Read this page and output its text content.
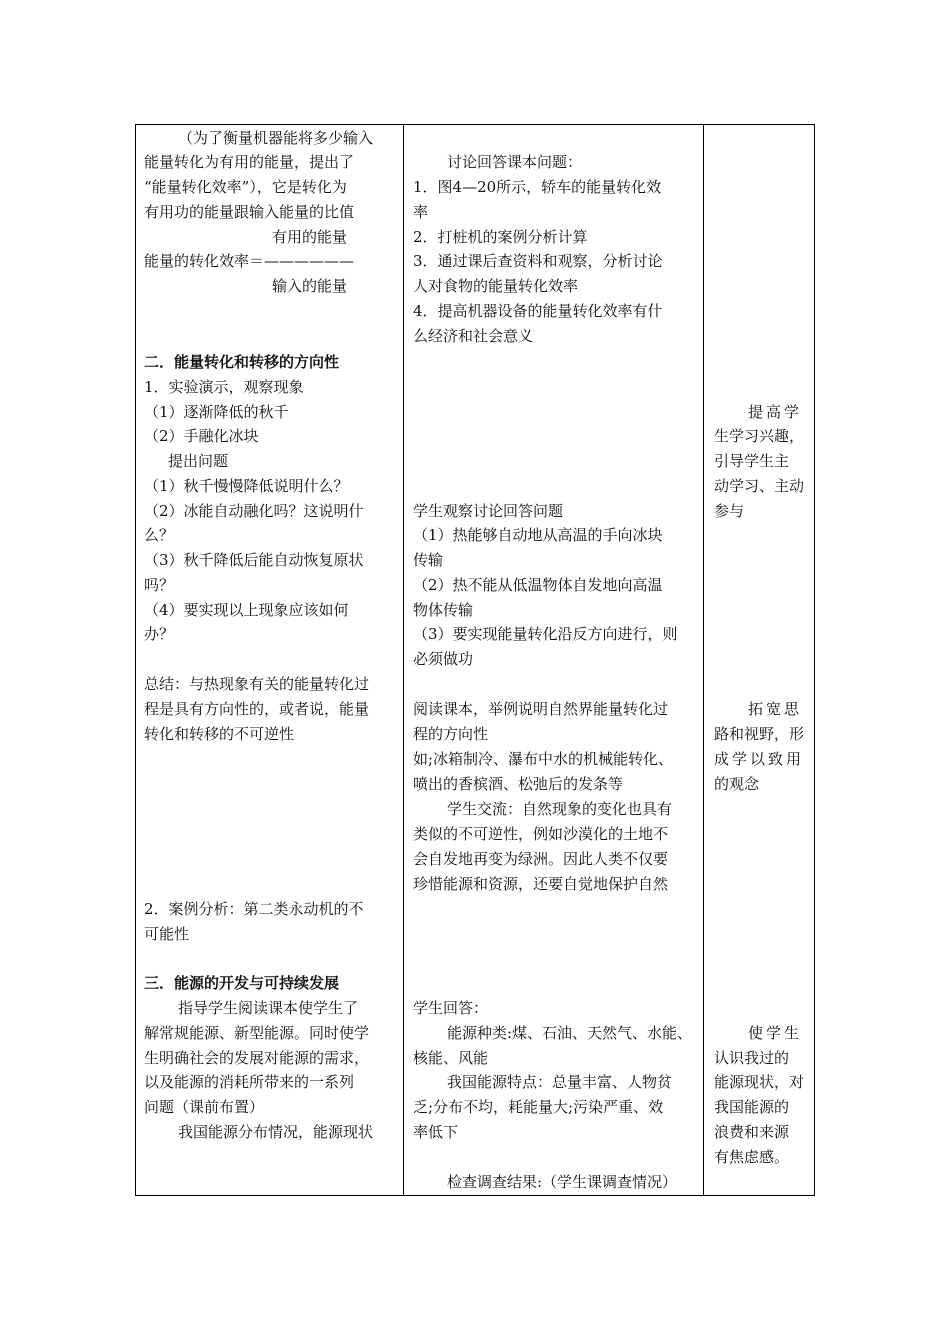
（为了衡量机器能将多少输入
能量转化为有用的能量，提出了
“能量转化效率”），它是转化为
有用功的能量跟输入能量的比值
有用的能量
能量的转化效率＝——————
输入的能量
二．能量转化和转移的方向性
1．实验演示，观察现象
（1）逐渐降低的秋千
（2）手融化冰块
提出问题
（1）秋千慢慢降低说明什么？
（2）冰能自动融化吗？这说明什
么？
（3）秋千降低后能自动恢复原状
吗？
（4）要实现以上现象应该如何
办？
总结：与热现象有关的能量转化过
程是具有方向性的，或者说，能量
转化和转移的不可逆性
2．案例分析：第二类永动机的不
可能性
三．能源的开发与可持续发展
指导学生阅读课本使学生了
解常规能源、新型能源。同时使学
生明确社会的发展对能源的需求，
以及能源的消耗所带来的一系列
问题（课前布置）
我国能源分布情况，能源现状
讨论回答课本问题：
1．图4—20所示，轿车的能量转化效
率
2．打桩机的案例分析计算
3．通过课后查资料和观察，分析讨论
人对食物的能量转化效率
4．提高机器设备的能量转化效率有什
么经济和社会意义
学生观察讨论回答问题
（1）热能够自动地从高温的手向冰块
传输
（2）热不能从低温物体自发地向高温
物体传输
（3）要实现能量转化沿反方向进行，则
必须做功
阅读课本，举例说明自然界能量转化过
程的方向性
如;冰箱制冷、瀑布中水的机械能转化、
喷出的香槟酒、松弛后的发条等
学生交流：自然现象的变化也具有
类似的不可逆性，例如沙漠化的土地不
会自发地再变为绿洲。因此人类不仅要
珍惜能源和资源，还要自觉地保护自然
学生回答：
能源种类:煤、石油、天然气、水能、
核能、风能
我国能源特点：总量丰富、人物贫
乏;分布不均，耗能量大;污染严重、效
率低下
检查调查结果:（学生课调查情况）
提高学
生学习兴趣，
引导学生主
动学习、主动
参与
拓宽思
路和视野，形
成学以致用
的观念
使学生
认识我过的
能源现状，对
我国能源的
浪费和来源
有焦虑感。
